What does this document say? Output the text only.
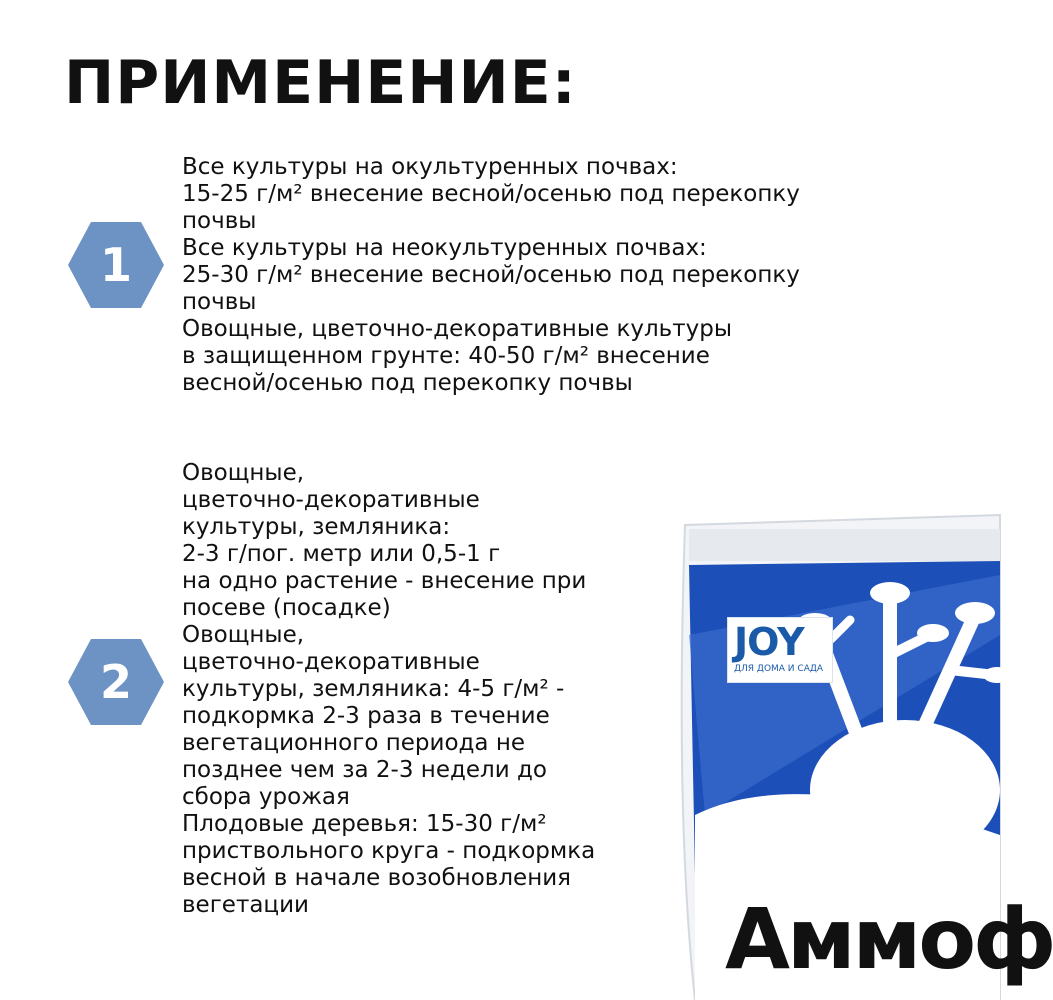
ПРИМЕНЕНИЕ:
1

Все культуры на окультуренных почвах:
15-25 г/м² внесение весной/осенью под перекопку
почвы

Все культуры на неокультуренных почвах:
25-30 г/м² внесение весной/осенью под перекопку
почвы

Овощные, цветочно-декоративные культуры
в защищенном грунте: 40-50 г/м² внесение
весной/осенью под перекопку почвы

2

Овощные,
цветочно-декоративные
культуры, земляника:
2-3 г/пог. метр или 0,5-1 г
на одно растение - внесение при
посеве (посадке)

Овощные,
цветочно-декоративные
культуры, земляника: 4-5 г/м² -
подкормка 2-3 раза в течение
вегетационного периода не
позднее чем за 2-3 недели до
сбора урожая

Плодовые деревья: 15-30 г/м²
приствольного круга - подкормка
весной в начале возобновления
вегетации

JOY
ДЛЯ ДОМА И САДА
Аммоф
